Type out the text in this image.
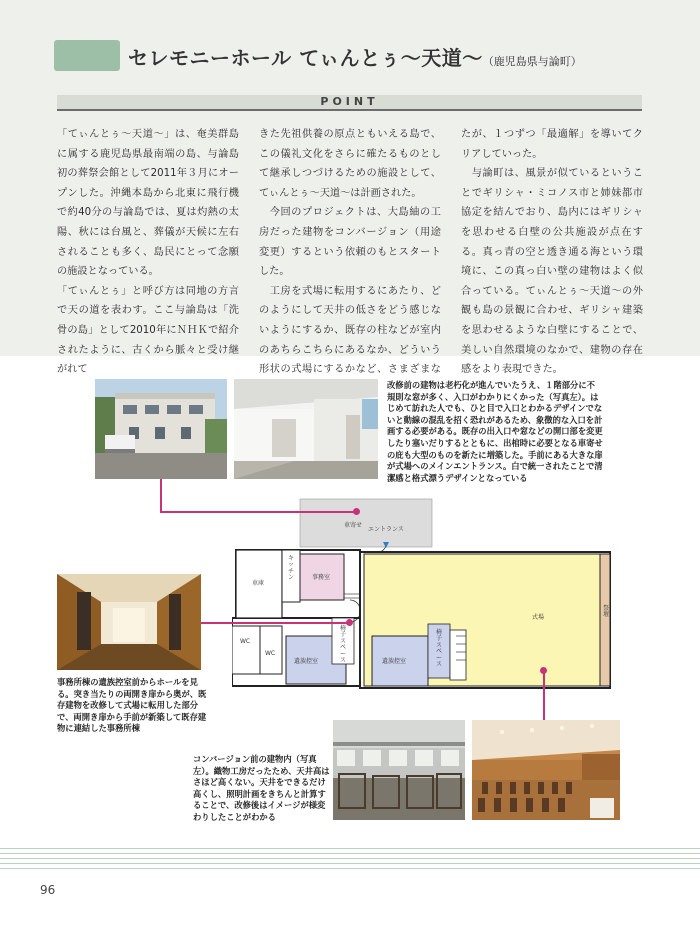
セレモニーホール てぃんとぅ〜天道〜（鹿児島県与論町）
POINT

「てぃんとぅ〜天道〜」は、奄美群島に属する鹿児島県最南端の島、与論島初の葬祭会館として2011年３月にオープンした。沖縄本島から北東に飛行機で約40分の与論島では、夏は灼熱の太陽、秋には台風と、葬儀が天候に左右されることも多く、島民にとって念願の施設となっている。

「てぃんとぅ」と呼び方は同地の方言で天の道を表わす。ここ与論島は「洗骨の島」として2010年にＮＨＫで紹介されたように、古くから脈々と受け継がれて

きた先祖供養の原点ともいえる島で、この儀礼文化をさらに確たるものとして継承しつづけるための施設として、てぃんとぅ〜天道〜は計画された。

　今回のプロジェクトは、大島紬の工房だった建物をコンバージョン（用途変更）するという依頼のもとスタートした。

　工房を式場に転用するにあたり、どのようにして天井の低さをどう感じないようにするか、既存の柱などが室内のあちらこちらにあるなか、どういう形状の式場にするかなど、さまざまな

たが、１つずつ「最適解」を導いてクリアしていった。

　与論町は、風景が似ているということでギリシャ・ミコノス市と姉妹都市協定を結んでおり、島内にはギリシャを思わせる白壁の公共施設が点在する。真っ青の空と透き通る海という環境に、この真っ白い壁の建物はよく似合っている。てぃんとぅ〜天道〜の外観も島の景観に合わせ、ギリシャ建築を思わせるような白壁にすることで、美しい自然環境のなかで、建物の存在感をより表現できた。

改修前の建物は老朽化が進んでいたうえ、１階部分に不規則な窓が多く、入口がわかりにくかった（写真左）。はじめて訪れた人でも、ひと目で入口とわかるデザインでないと動線の混乱を招く恐れがあるため、象徴的な入口を計画する必要がある。既存の出入口や窓などの開口部を変更したり塞いだりするとともに、出棺時に必要となる車寄せの庇も大型のものを新たに増築した。手前にある大きな扉が式場へのメインエントランス。白で統一されたことで清潔感と格式漂うデザインとなっている
事務所棟の遺族控室前からホールを見る。突き当たりの両開き扉から奥が、既存建物を改修して式場に転用した部分で、両開き扉から手前が新築して既存建物に連結した事務所棟
車寄せ
エントランス
車庫
キッチン	事務室
WC
WC
遺族控室
椅子スペース
式場
祭壇
遺族控室
椅子スペース
コンバージョン前の建物内（写真左）。織物工房だったため、天井高はさほど高くない。天井をできるだけ高くし、照明計画をきちんと計算することで、改修後はイメージが様変わりしたことがわかる
96
